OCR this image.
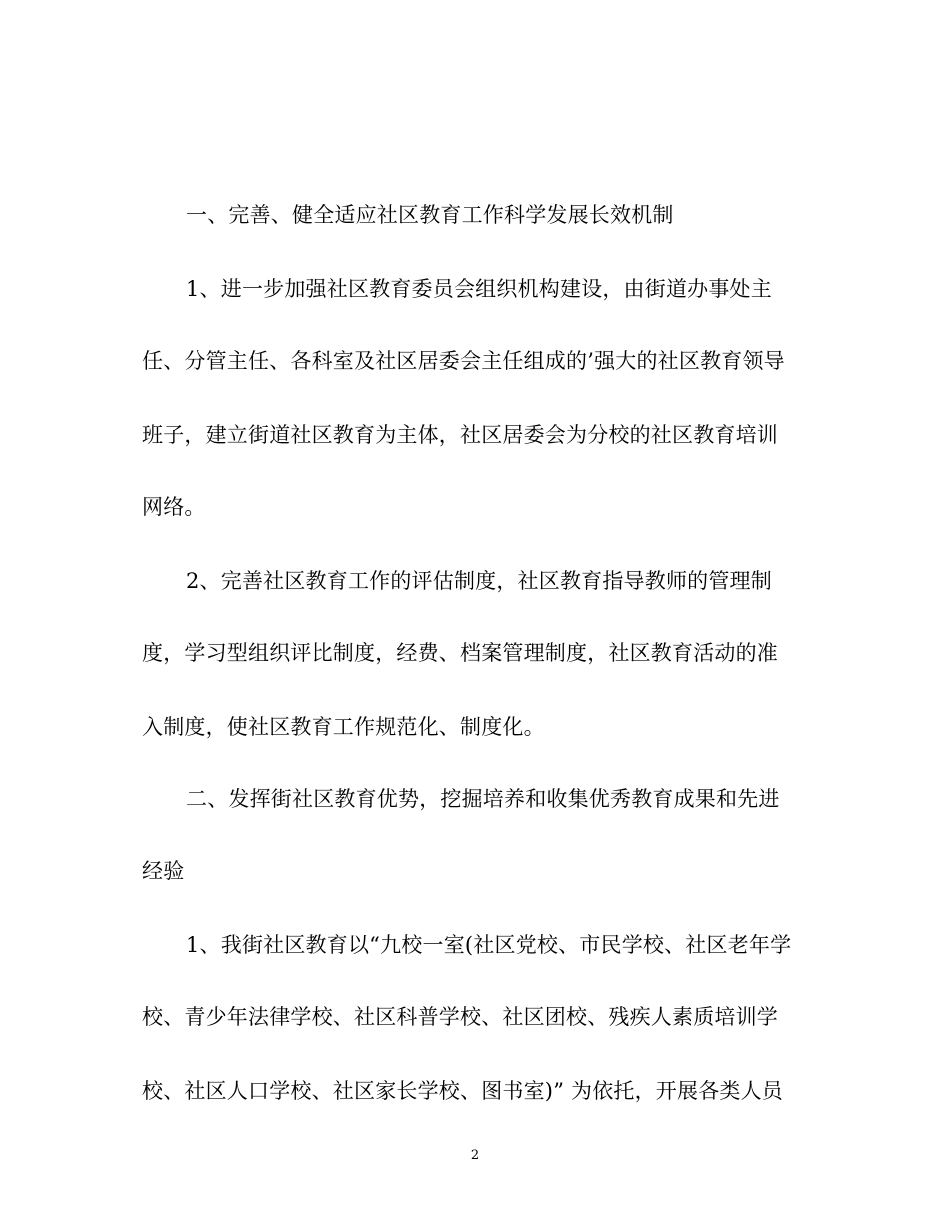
一、完善、健全适应社区教育工作科学发展长效机制
1、进一步加强社区教育委员会组织机构建设，由街道办事处主
任、分管主任、各科室及社区居委会主任组成的’强大的社区教育领导
班子，建立街道社区教育为主体，社区居委会为分校的社区教育培训
网络。
2、完善社区教育工作的评估制度，社区教育指导教师的管理制
度，学习型组织评比制度，经费、档案管理制度，社区教育活动的准
入制度，使社区教育工作规范化、制度化。
二、发挥街社区教育优势，挖掘培养和收集优秀教育成果和先进
经验
1、我街社区教育以“九校一室(社区党校、市民学校、社区老年学
校、青少年法律学校、社区科普学校、社区团校、残疾人素质培训学
校、社区人口学校、社区家长学校、图书室)” 为依托，开展各类人员
2
